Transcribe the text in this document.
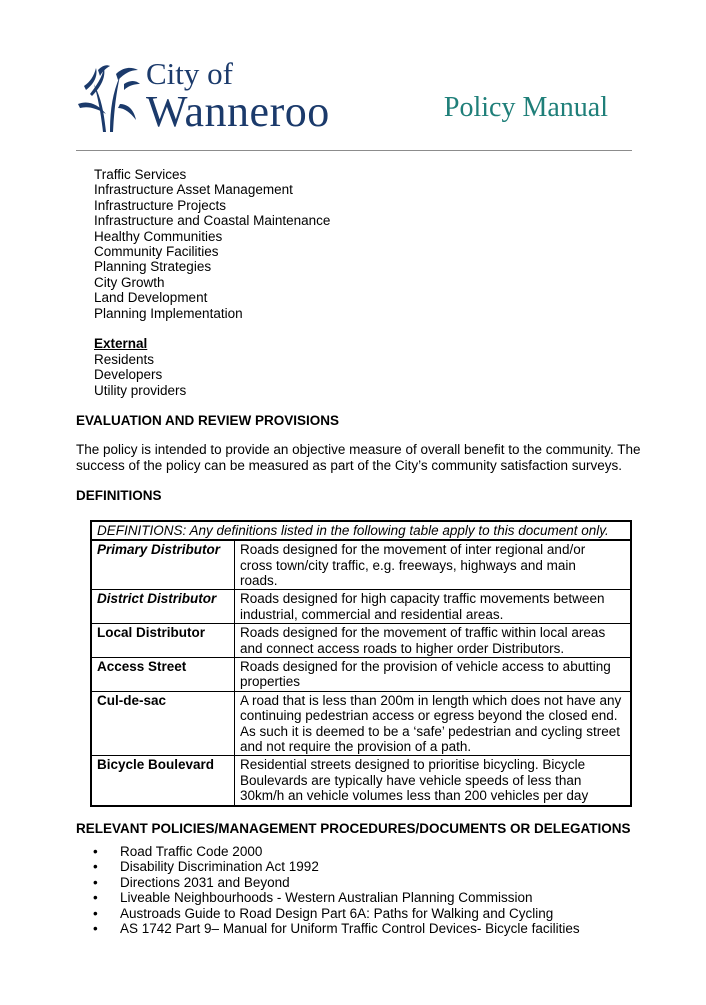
City of
Wanneroo	Policy Manual
Traffic Services
Infrastructure Asset Management
Infrastructure Projects
Infrastructure and Coastal Maintenance
Healthy Communities
Community Facilities
Planning Strategies
City Growth
Land Development
Planning Implementation
External
Residents
Developers
Utility providers
EVALUATION AND REVIEW PROVISIONS

The policy is intended to provide an objective measure of overall benefit to the community. The
success of the policy can be measured as part of the City’s community satisfaction surveys.

DEFINITIONS
DEFINITIONS: Any definitions listed in the following table apply to this document only.	
Primary Distributor	Roads designed for the movement of inter regional and/or
cross town/city traffic, e.g. freeways, highways and main
roads.

District Distributor	Roads designed for high capacity traffic movements between
industrial, commercial and residential areas.

Local Distributor	Roads designed for the movement of traffic within local areas
and connect access roads to higher order Distributors.

Access Street	Roads designed for the provision of vehicle access to abutting
properties

Cul-de-sac	A road that is less than 200m in length which does not have any
continuing pedestrian access or egress beyond the closed end.
As such it is deemed to be a ‘safe’ pedestrian and cycling street
and not require the provision of a path.

Bicycle Boulevard	Residential streets designed to prioritise bicycling. Bicycle
Boulevards are typically have vehicle speeds of less than
30km/h an vehicle volumes less than 200 vehicles per day
RELEVANT POLICIES/MANAGEMENT PROCEDURES/DOCUMENTS OR DELEGATIONS
• Road Traffic Code 2000
• Disability Discrimination Act 1992
• Directions 2031 and Beyond
• Liveable Neighbourhoods - Western Australian Planning Commission
• Austroads Guide to Road Design Part 6A: Paths for Walking and Cycling
• AS 1742 Part 9– Manual for Uniform Traffic Control Devices- Bicycle facilities
